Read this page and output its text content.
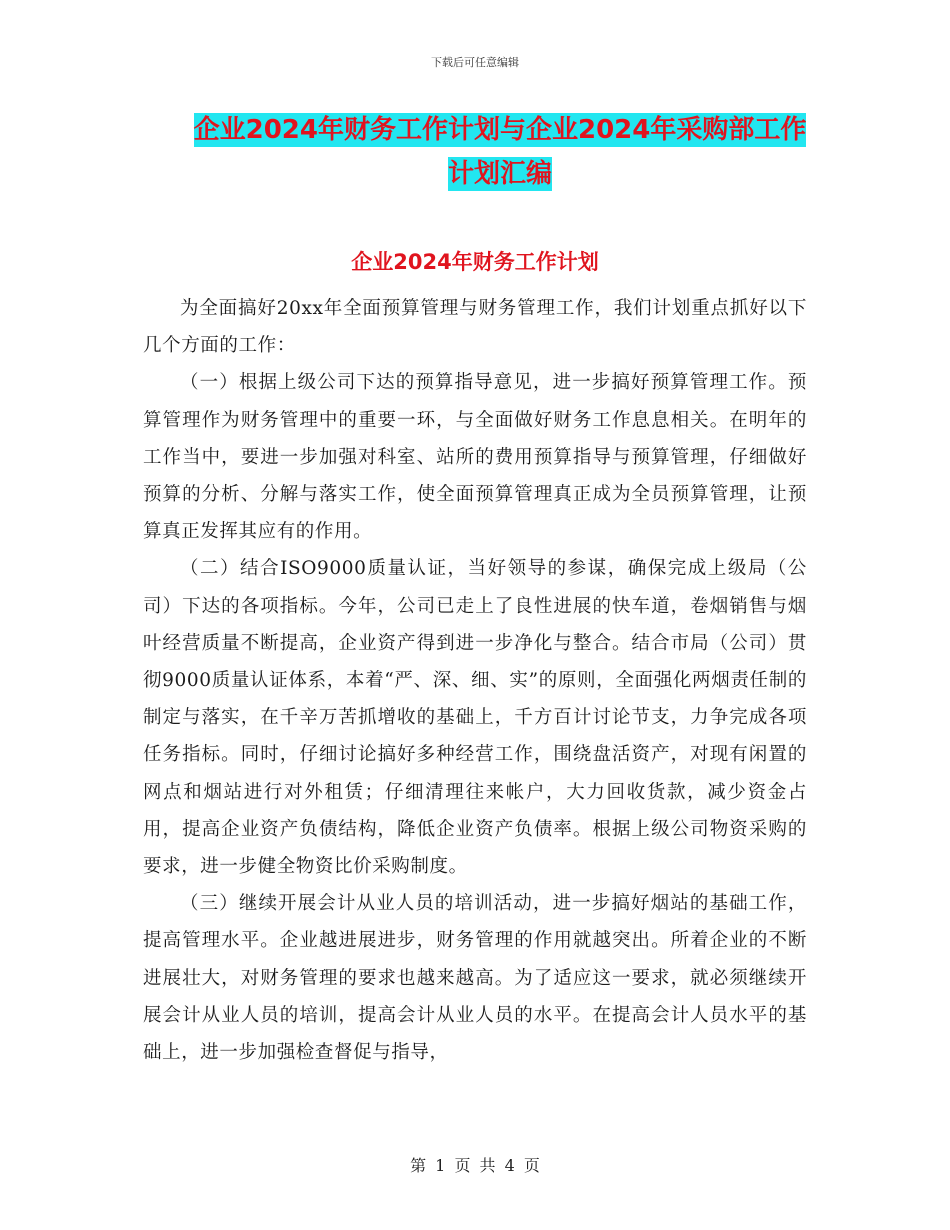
下载后可任意编辑
企业2024年财务工作计划与企业2024年采购部工作
计划汇编
企业2024年财务工作计划

为全面搞好20xx年全面预算管理与财务管理工作，我们计划重点抓好以下几个方面的工作：

（一）根据上级公司下达的预算指导意见，进一步搞好预算管理工作。预算管理作为财务管理中的重要一环，与全面做好财务工作息息相关。在明年的工作当中，要进一步加强对科室、站所的费用预算指导与预算管理，仔细做好预算的分析、分解与落实工作，使全面预算管理真正成为全员预算管理，让预算真正发挥其应有的作用。

（二）结合ISO9000质量认证，当好领导的参谋，确保完成上级局（公司）下达的各项指标。今年，公司已走上了良性进展的快车道，卷烟销售与烟叶经营质量不断提高，企业资产得到进一步净化与整合。结合市局（公司）贯彻9000质量认证体系，本着“严、深、细、实”的原则，全面强化两烟责任制的制定与落实，在千辛万苦抓增收的基础上，千方百计讨论节支，力争完成各项任务指标。同时，仔细讨论搞好多种经营工作，围绕盘活资产，对现有闲置的网点和烟站进行对外租赁；仔细清理往来帐户，大力回收货款，减少资金占用，提高企业资产负债结构，降低企业资产负债率。根据上级公司物资采购的要求，进一步健全物资比价采购制度。

（三）继续开展会计从业人员的培训活动，进一步搞好烟站的基础工作，提高管理水平。企业越进展进步，财务管理的作用就越突出。所着企业的不断进展壮大，对财务管理的要求也越来越高。为了适应这一要求，就必须继续开展会计从业人员的培训，提高会计从业人员的水平。在提高会计人员水平的基础上，进一步加强检查督促与指导，

第 1 页 共 4 页
